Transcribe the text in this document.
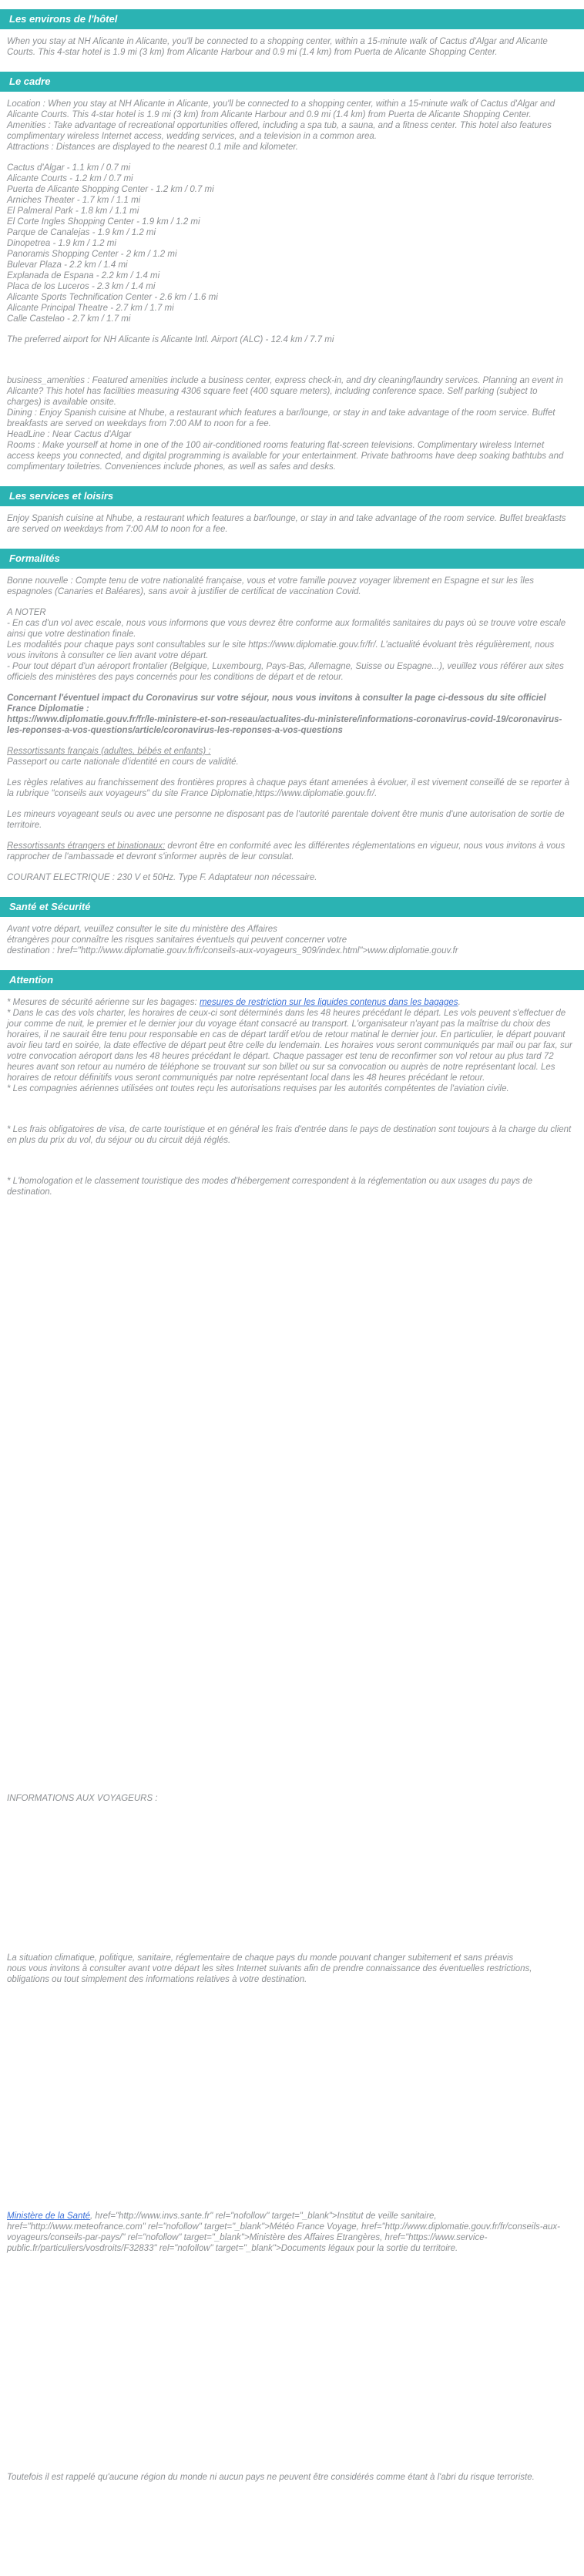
Les environs de l'hôtel

When you stay at NH Alicante in Alicante, you'll be connected to a shopping center, within a 15-minute walk of Cactus d'Algar and Alicante Courts. This 4-star hotel is 1.9 mi (3 km) from Alicante Harbour and 0.9 mi (1.4 km) from Puerta de Alicante Shopping Center.

Le cadre

Location : When you stay at NH Alicante in Alicante, you'll be connected to a shopping center, within a 15-minute walk of Cactus d'Algar and Alicante Courts. This 4-star hotel is 1.9 mi (3 km) from Alicante Harbour and 0.9 mi (1.4 km) from Puerta de Alicante Shopping Center.

Amenities : Take advantage of recreational opportunities offered, including a spa tub, a sauna, and a fitness center. This hotel also features complimentary wireless Internet access, wedding services, and a television in a common area.

Attractions : Distances are displayed to the nearest 0.1 mile and kilometer.

Cactus d'Algar - 1.1 km / 0.7 mi
Alicante Courts - 1.2 km / 0.7 mi
Puerta de Alicante Shopping Center - 1.2 km / 0.7 mi
Arniches Theater - 1.7 km / 1.1 mi
El Palmeral Park - 1.8 km / 1.1 mi
El Corte Ingles Shopping Center - 1.9 km / 1.2 mi
Parque de Canalejas - 1.9 km / 1.2 mi
Dinopetrea - 1.9 km / 1.2 mi
Panoramis Shopping Center - 2 km / 1.2 mi
Bulevar Plaza - 2.2 km / 1.4 mi
Explanada de Espana - 2.2 km / 1.4 mi
Placa de los Luceros - 2.3 km / 1.4 mi
Alicante Sports Technification Center - 2.6 km / 1.6 mi
Alicante Principal Theatre - 2.7 km / 1.7 mi
Calle Castelao - 2.7 km / 1.7 mi

The preferred airport for NH Alicante is Alicante Intl. Airport (ALC) - 12.4 km / 7.7 mi

business_amenities : Featured amenities include a business center, express check-in, and dry cleaning/laundry services. Planning an event in Alicante? This hotel has facilities measuring 4306 square feet (400 square meters), including conference space. Self parking (subject to charges) is available onsite.

Dining : Enjoy Spanish cuisine at Nhube, a restaurant which features a bar/lounge, or stay in and take advantage of the room service. Buffet breakfasts are served on weekdays from 7:00 AM to noon for a fee.

HeadLine : Near Cactus d'Algar

Rooms : Make yourself at home in one of the 100 air-conditioned rooms featuring flat-screen televisions. Complimentary wireless Internet access keeps you connected, and digital programming is available for your entertainment. Private bathrooms have deep soaking bathtubs and complimentary toiletries. Conveniences include phones, as well as safes and desks.

Les services et loisirs

Enjoy Spanish cuisine at Nhube, a restaurant which features a bar/lounge, or stay in and take advantage of the room service. Buffet breakfasts are served on weekdays from 7:00 AM to noon for a fee.

Formalités

Bonne nouvelle : Compte tenu de votre nationalité française, vous et votre famille pouvez voyager librement en Espagne et sur les îles espagnoles (Canaries et Baléares), sans avoir à justifier de certificat de vaccination Covid.

A NOTER

- En cas d'un vol avec escale, nous vous informons que vous devrez être conforme aux formalités sanitaires du pays où se trouve votre escale ainsi que votre destination finale.

Les modalités pour chaque pays sont consultables sur le site https://www.diplomatie.gouv.fr/fr/. L'actualité évoluant très régulièrement, nous vous invitons à consulter ce lien avant votre départ.

- Pour tout départ d'un aéroport frontalier (Belgique, Luxembourg, Pays-Bas, Allemagne, Suisse ou Espagne...), veuillez vous référer aux sites officiels des ministères des pays concernés pour les conditions de départ et de retour.

Concernant l'éventuel impact du Coronavirus sur votre séjour, nous vous invitons à consulter la page ci-dessous du site officiel France Diplomatie :

https://www.diplomatie.gouv.fr/fr/le-ministere-et-son-reseau/actualites-du-ministere/informations-coronavirus-covid-19/coronavirus-les-reponses-a-vos-questions/article/coronavirus-les-reponses-a-vos-questions

Ressortissants français (adultes, bébés et enfants) :

Passeport ou carte nationale d'identité en cours de validité.

Les règles relatives au franchissement des frontières propres à chaque pays étant amenées à évoluer, il est vivement conseillé de se reporter à la rubrique "conseils aux voyageurs" du site France Diplomatie,https://www.diplomatie.gouv.fr/.

Les mineurs voyageant seuls ou avec une personne ne disposant pas de l'autorité parentale doivent être munis d'une autorisation de sortie de territoire.

Ressortissants étrangers et binationaux: devront être en conformité avec les différentes réglementations en vigueur, nous vous invitons à vous rapprocher de l'ambassade et devront s'informer auprès de leur consulat.

COURANT ELECTRIQUE : 230 V et 50Hz. Type F. Adaptateur non nécessaire.

Santé et Sécurité

Avant votre départ, veuillez consulter le site du ministère des Affaires

étrangères pour connaître les risques sanitaires éventuels qui peuvent concerner votre

destination : href="http://www.diplomatie.gouv.fr/fr/conseils-aux-voyageurs_909/index.html">www.diplomatie.gouv.fr

Attention

* Mesures de sécurité aérienne sur les bagages: mesures de restriction sur les liquides contenus dans les bagages.

* Dans le cas des vols charter, les horaires de ceux-ci sont déterminés dans les 48 heures précédant le départ. Les vols peuvent s'effectuer de jour comme de nuit, le premier et le dernier jour du voyage étant consacré au transport. L'organisateur n'ayant pas la maîtrise du choix des horaires, il ne saurait être tenu pour responsable en cas de départ tardif et/ou de retour matinal le dernier jour. En particulier, le départ pouvant avoir lieu tard en soirée, la date effective de départ peut être celle du lendemain. Les horaires vous seront communiqués par mail ou par fax, sur votre convocation aéroport dans les 48 heures précédant le départ. Chaque passager est tenu de reconfirmer son vol retour au plus tard 72 heures avant son retour au numéro de téléphone se trouvant sur son billet ou sur sa convocation ou auprès de notre représentant local. Les horaires de retour définitifs vous seront communiqués par notre représentant local dans les 48 heures précédant le retour.

* Les compagnies aériennes utilisées ont toutes reçu les autorisations requises par les autorités compétentes de l'aviation civile.

* Les frais obligatoires de visa, de carte touristique et en général les frais d'entrée dans le pays de destination sont toujours à la charge du client en plus du prix du vol, du séjour ou du circuit déjà réglés.

* L'homologation et le classement touristique des modes d'hébergement correspondent à la réglementation ou aux usages du pays de destination.

INFORMATIONS AUX VOYAGEURS :

La situation climatique, politique, sanitaire, réglementaire de chaque pays du monde pouvant changer subitement et sans préavis

nous vous invitons à consulter avant votre départ les sites Internet suivants afin de prendre connaissance des éventuelles restrictions, obligations ou tout simplement des informations relatives à votre destination.

Ministère de la Santé, href="http://www.invs.sante.fr" rel="nofollow" target="_blank">Institut de veille sanitaire, href="http://www.meteofrance.com" rel="nofollow" target="_blank">Météo France Voyage, href="http://www.diplomatie.gouv.fr/fr/conseils-aux-voyageurs/conseils-par-pays/" rel="nofollow" target="_blank">Ministère des Affaires Etrangères, href="https://www.service-public.fr/particuliers/vosdroits/F32833" rel="nofollow" target="_blank">Documents légaux pour la sortie du territoire.

Toutefois il est rappelé qu'aucune région du monde ni aucun pays ne peuvent être considérés comme étant à l'abri du risque terroriste.
